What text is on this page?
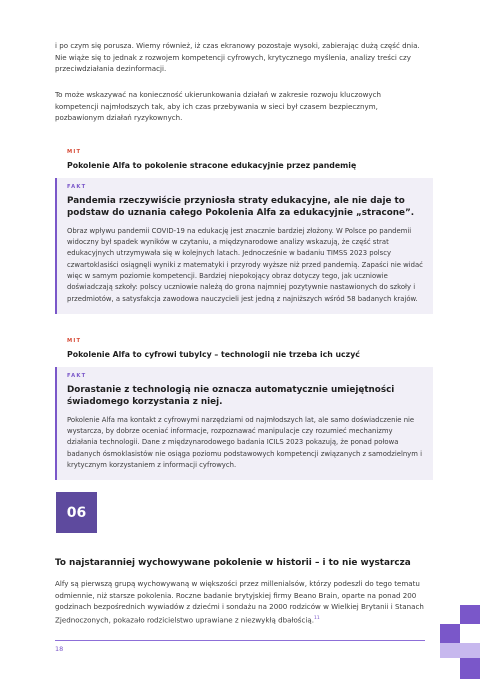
i po czym się porusza. Wiemy również, iż czas ekranowy pozostaje wysoki, zabierając dużą część dnia. Nie wiąże się to jednak z rozwojem kompetencji cyfrowych, krytycznego myślenia, analizy treści czy przeciwdziałania dezinformacji.

To może wskazywać na konieczność ukierunkowania działań w zakresie rozwoju kluczowych kompetencji najmłodszych tak, aby ich czas przebywania w sieci był czasem bezpiecznym, pozbawionym działań ryzykownych.

MIT
Pokolenie Alfa to pokolenie stracone edukacyjnie przez pandemię
FAKT
Pandemia rzeczywiście przyniosła straty edukacyjne, ale nie daje to podstaw do uznania całego Pokolenia Alfa za edukacyjnie „stracone”.
Obraz wpływu pandemii COVID-19 na edukację jest znacznie bardziej złożony. W Polsce po pandemii widoczny był spadek wyników w czytaniu, a międzynarodowe analizy wskazują, że część strat edukacyjnych utrzymywała się w kolejnych latach. Jednocześnie w badaniu TIMSS 2023 polscy czwartoklasiści osiągnęli wyniki z matematyki i przyrody wyższe niż przed pandemią. Zapaści nie widać więc w samym poziomie kompetencji. Bardziej niepokojący obraz dotyczy tego, jak uczniowie doświadczają szkoły: polscy uczniowie należą do grona najmniej pozytywnie nastawionych do szkoły i przedmiotów, a satysfakcja zawodowa nauczycieli jest jedną z najniższych wśród 58 badanych krajów.
MIT
Pokolenie Alfa to cyfrowi tubylcy – technologii nie trzeba ich uczyć
FAKT
Dorastanie z technologią nie oznacza automatycznie umiejętności świadomego korzystania z niej.
Pokolenie Alfa ma kontakt z cyfrowymi narzędziami od najmłodszych lat, ale samo doświadczenie nie wystarcza, by dobrze oceniać informacje, rozpoznawać manipulacje czy rozumieć mechanizmy działania technologii. Dane z międzynarodowego badania ICILS 2023 pokazują, że ponad połowa badanych ósmoklasistów nie osiąga poziomu podstawowych kompetencji związanych z samodzielnym i krytycznym korzystaniem z informacji cyfrowych.
06
To najstaranniej wychowywane pokolenie w historii – i to nie wystarcza

Alfy są pierwszą grupą wychowywaną w większości przez millenialsów, którzy podeszli do tego tematu odmiennie, niż starsze pokolenia. Roczne badanie brytyjskiej firmy Beano Brain, oparte na ponad 200 godzinach bezpośrednich wywiadów z dziećmi i sondażu na 2000 rodziców w Wielkiej Brytanii i Stanach Zjednoczonych, pokazało rodzicielstwo uprawiane z niezwykłą dbałością.$^{11}$

18
